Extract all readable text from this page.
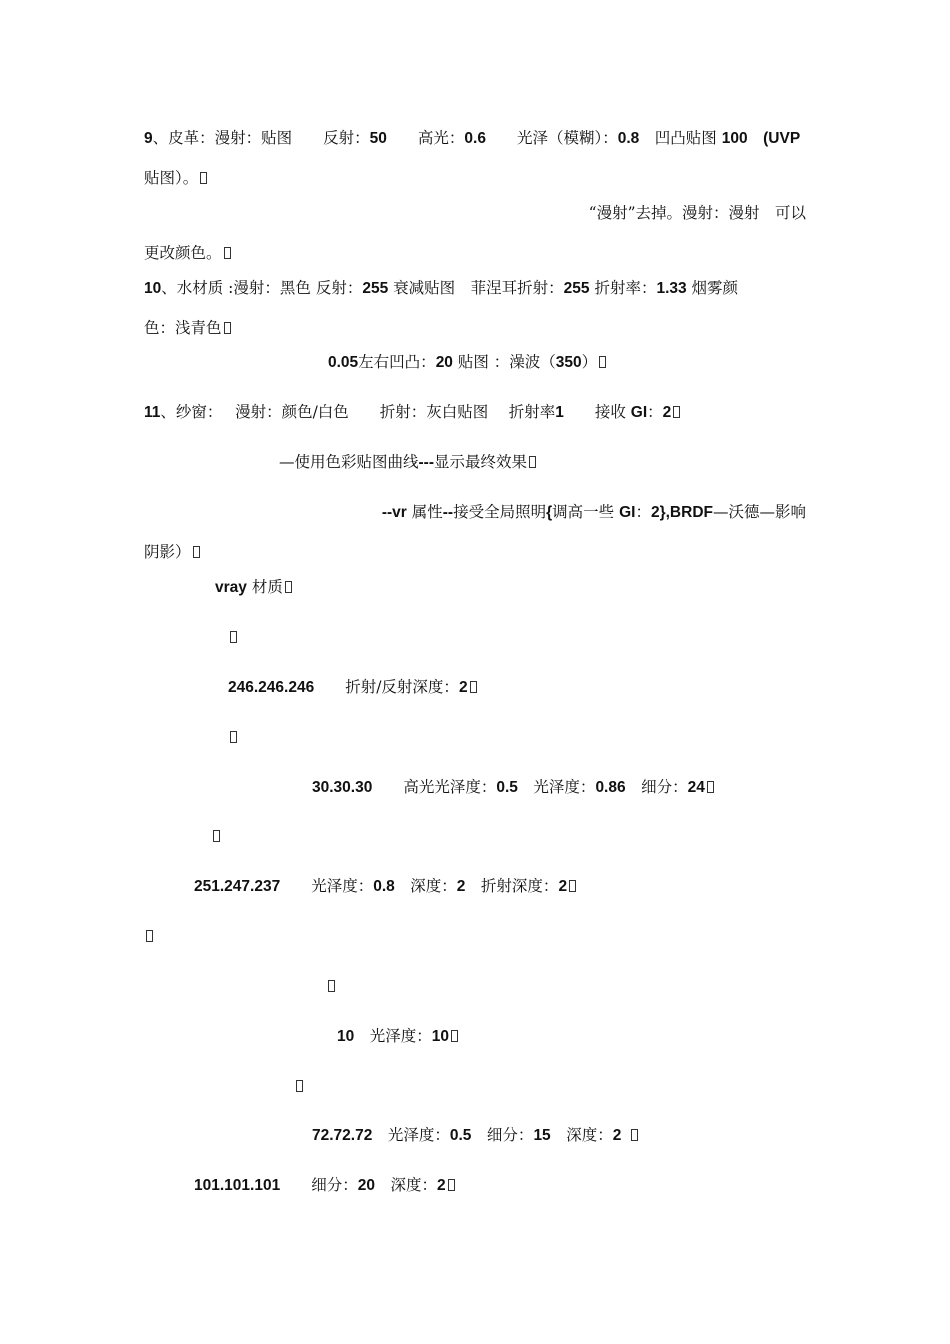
9、皮革：漫射：贴图　　反射：50　　高光：0.6　　光泽（模糊）：0.8　凹凸贴图 100　 (UVP
贴图）。
“漫射”去掉。漫射：漫射　可以
更改颜色。
10、水材质 :漫射：黑色 反射：255 衰减贴图　菲涅耳折射：255 折射率：1.33 烟雾颜
色：浅青色
0.05左右凹凸：20 贴图 ：澡波（350）
11、纱窗：　 漫射：颜色/白色　　折射：灰白贴图　 折射率1　　接收 GI：2
—使用色彩贴图曲线---显示最终效果
--vr 属性--接受全局照明{调高一些 GI：2},BRDF—沃德—影响
阴影）
vray 材质
246.246.246　　折射/反射深度：2
30.30.30　　高光光泽度：0.5　光泽度：0.86　细分：24
251.247.237　　光泽度：0.8　深度：2　折射深度：2
10　光泽度：10
72.72.72　光泽度：0.5　细分：15　深度：2
101.101.101　　细分：20　深度：2
